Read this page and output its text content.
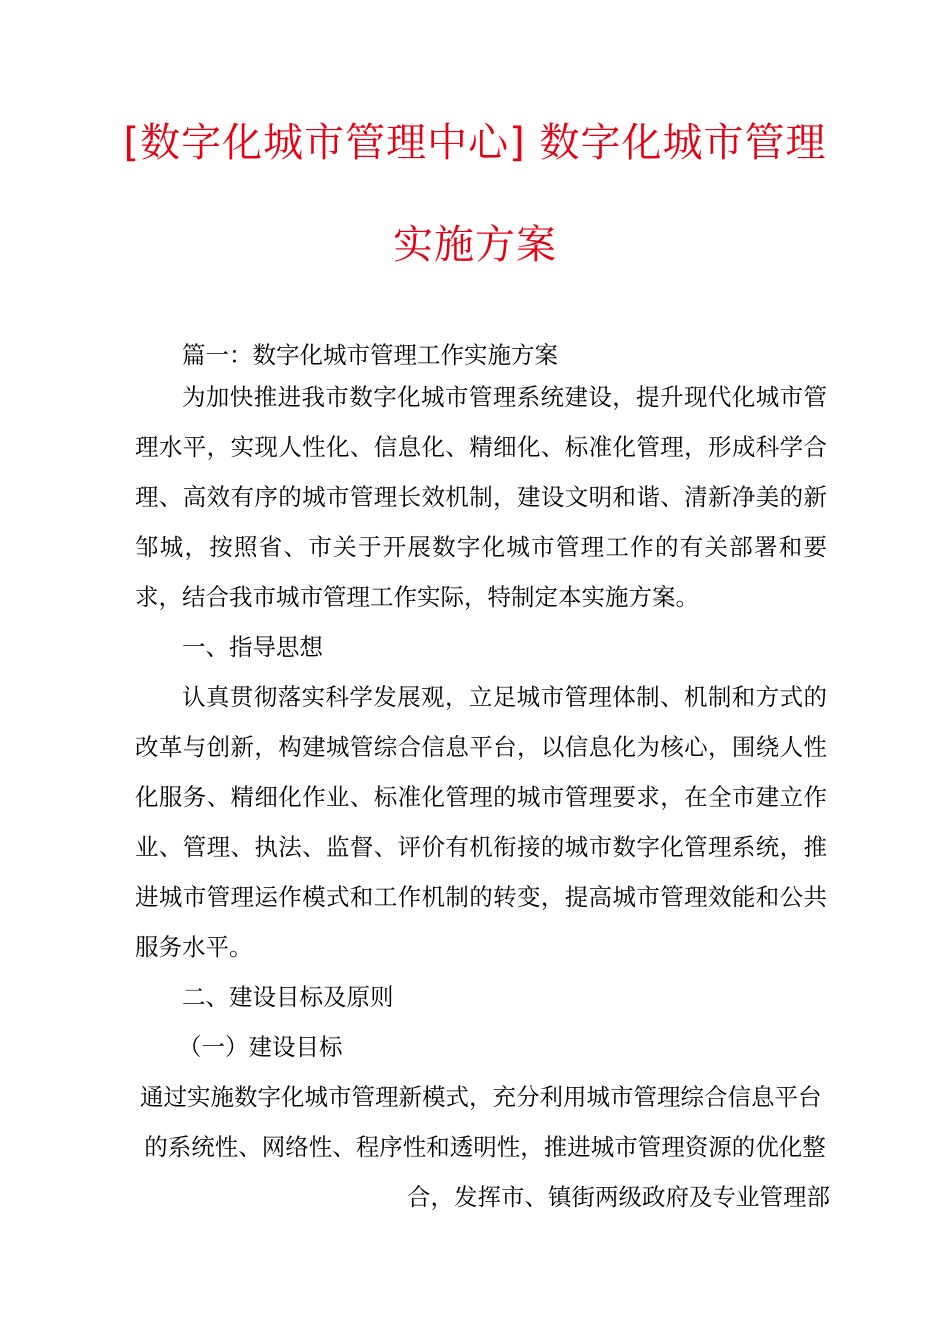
[数字化城市管理中心] 数字化城市管理
实施方案

篇一：数字化城市管理工作实施方案

为加快推进我市数字化城市管理系统建设，提升现代化城市管理水平，实现人性化、信息化、精细化、标准化管理，形成科学合理、高效有序的城市管理长效机制，建设文明和谐、清新净美的新邹城，按照省、市关于开展数字化城市管理工作的有关部署和要求，结合我市城市管理工作实际，特制定本实施方案。

一、指导思想

认真贯彻落实科学发展观，立足城市管理体制、机制和方式的改革与创新，构建城管综合信息平台，以信息化为核心，围绕人性化服务、精细化作业、标准化管理的城市管理要求，在全市建立作业、管理、执法、监督、评价有机衔接的城市数字化管理系统，推进城市管理运作模式和工作机制的转变，提高城市管理效能和公共服务水平。

二、建设目标及原则

（一）建设目标

通过实施数字化城市管理新模式，充分利用城市管理综合信息平台
的系统性、网络性、程序性和透明性，推进城市管理资源的优化整
合，发挥市、镇街两级政府及专业管理部
